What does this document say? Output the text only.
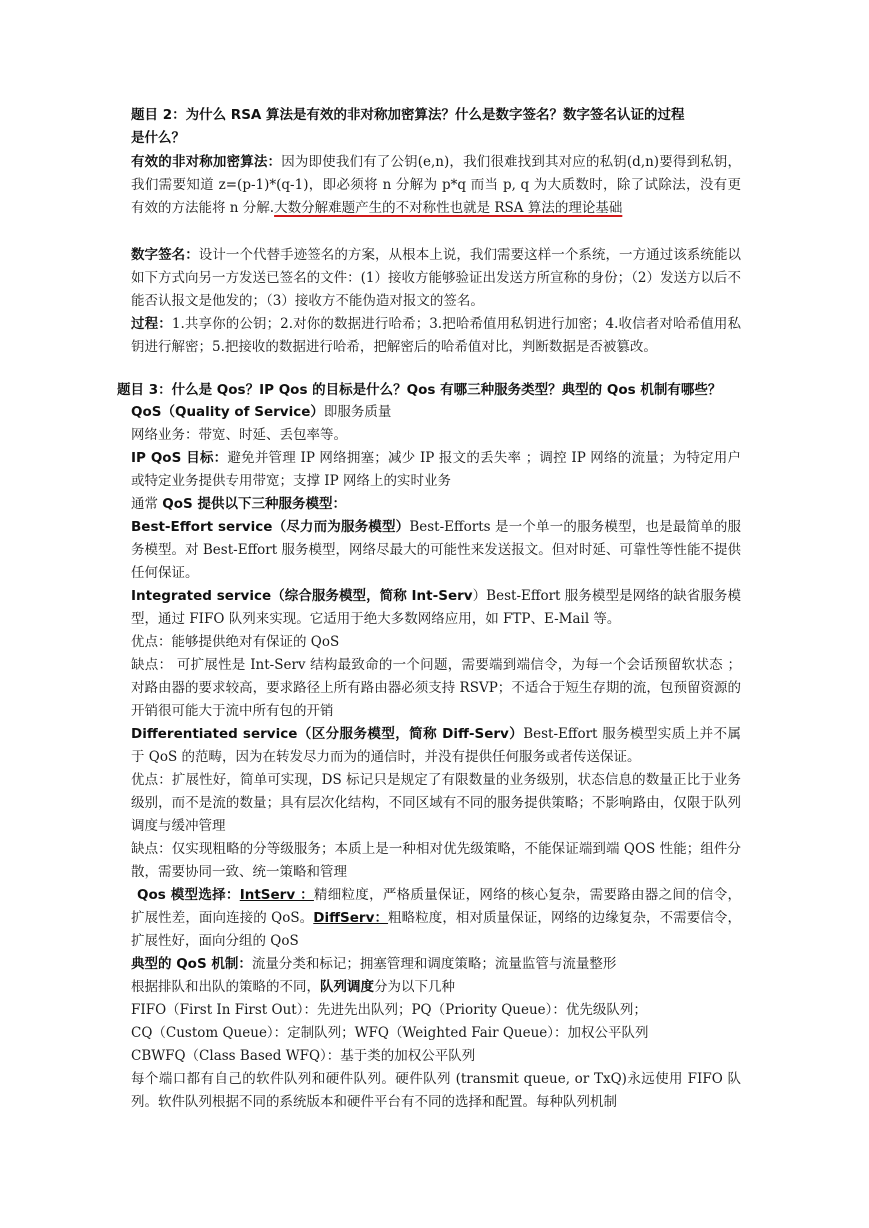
题目 2：为什么 RSA 算法是有效的非对称加密算法？什么是数字签名？数字签名认证的过程
是什么？
有效的非对称加密算法：因为即使我们有了公钥(e,n)，我们很难找到其对应的私钥(d,n)要得到私钥，我们需要知道 z=(p-1)*(q-1)，即必须将 n 分解为 p*q 而当 p, q 为大质数时，除了试除法，没有更有效的方法能将 n 分解.大数分解难题产生的不对称性也就是 RSA 算法的理论基础
数字签名：设计一个代替手迹签名的方案，从根本上说，我们需要这样一个系统，一方通过该系统能以如下方式向另一方发送已签名的文件：(1）接收方能够验证出发送方所宣称的身份；（2）发送方以后不能否认报文是他发的；（3）接收方不能伪造对报文的签名。
过程：1.共享你的公钥；2.对你的数据进行哈希；3.把哈希值用私钥进行加密；4.收信者对哈希值用私钥进行解密；5.把接收的数据进行哈希，把解密后的哈希值对比，判断数据是否被篡改。
题目 3：什么是 Qos？IP Qos 的目标是什么？Qos 有哪三种服务类型？典型的 Qos 机制有哪些？
QoS（Quality of Service）即服务质量
网络业务：带宽、时延、丢包率等。
IP QoS 目标：避免并管理 IP 网络拥塞；减少 IP 报文的丢失率 ；调控 IP 网络的流量；为特定用户或特定业务提供专用带宽；支撑 IP 网络上的实时业务
通常 QoS 提供以下三种服务模型：
Best-Effort service（尽力而为服务模型）Best-Efforts 是一个单一的服务模型，也是最简单的服务模型。对 Best-Effort 服务模型，网络尽最大的可能性来发送报文。但对时延、可靠性等性能不提供任何保证。
Integrated service（综合服务模型，简称 Int-Serv）Best-Effort 服务模型是网络的缺省服务模型，通过 FIFO 队列来实现。它适用于绝大多数网络应用，如 FTP、E-Mail 等。
优点：能够提供绝对有保证的 QoS
缺点： 可扩展性是 Int-Serv 结构最致命的一个问题，需要端到端信令，为每一个会话预留软状态 ；对路由器的要求较高，要求路径上所有路由器必须支持 RSVP；不适合于短生存期的流，包预留资源的开销很可能大于流中所有包的开销
Differentiated service（区分服务模型，简称 Diff-Serv）Best-Effort 服务模型实质上并不属于 QoS 的范畴，因为在转发尽力而为的通信时，并没有提供任何服务或者传送保证。
优点：扩展性好，简单可实现，DS 标记只是规定了有限数量的业务级别，状态信息的数量正比于业务级别，而不是流的数量；具有层次化结构，不同区域有不同的服务提供策略；不影响路由，仅限于队列调度与缓冲管理
缺点：仅实现粗略的分等级服务；本质上是一种相对优先级策略，不能保证端到端 QOS 性能；组件分散，需要协同一致、统一策略和管理
Qos 模型选择：IntServ ：精细粒度，严格质量保证，网络的核心复杂，需要路由器之间的信令，扩展性差，面向连接的 QoS。DiffServ：粗略粒度，相对质量保证，网络的边缘复杂，不需要信令，扩展性好，面向分组的 QoS
典型的 QoS 机制：流量分类和标记；拥塞管理和调度策略；流量监管与流量整形
根据排队和出队的策略的不同，队列调度分为以下几种
FIFO（First In First Out）：先进先出队列；PQ（Priority Queue）：优先级队列；
CQ（Custom Queue）：定制队列；WFQ（Weighted Fair Queue）：加权公平队列
CBWFQ（Class Based WFQ）：基于类的加权公平队列
每个端口都有自己的软件队列和硬件队列。硬件队列 (transmit queue, or TxQ)永远使用 FIFO 队列。软件队列根据不同的系统版本和硬件平台有不同的选择和配置。每种队列机制
